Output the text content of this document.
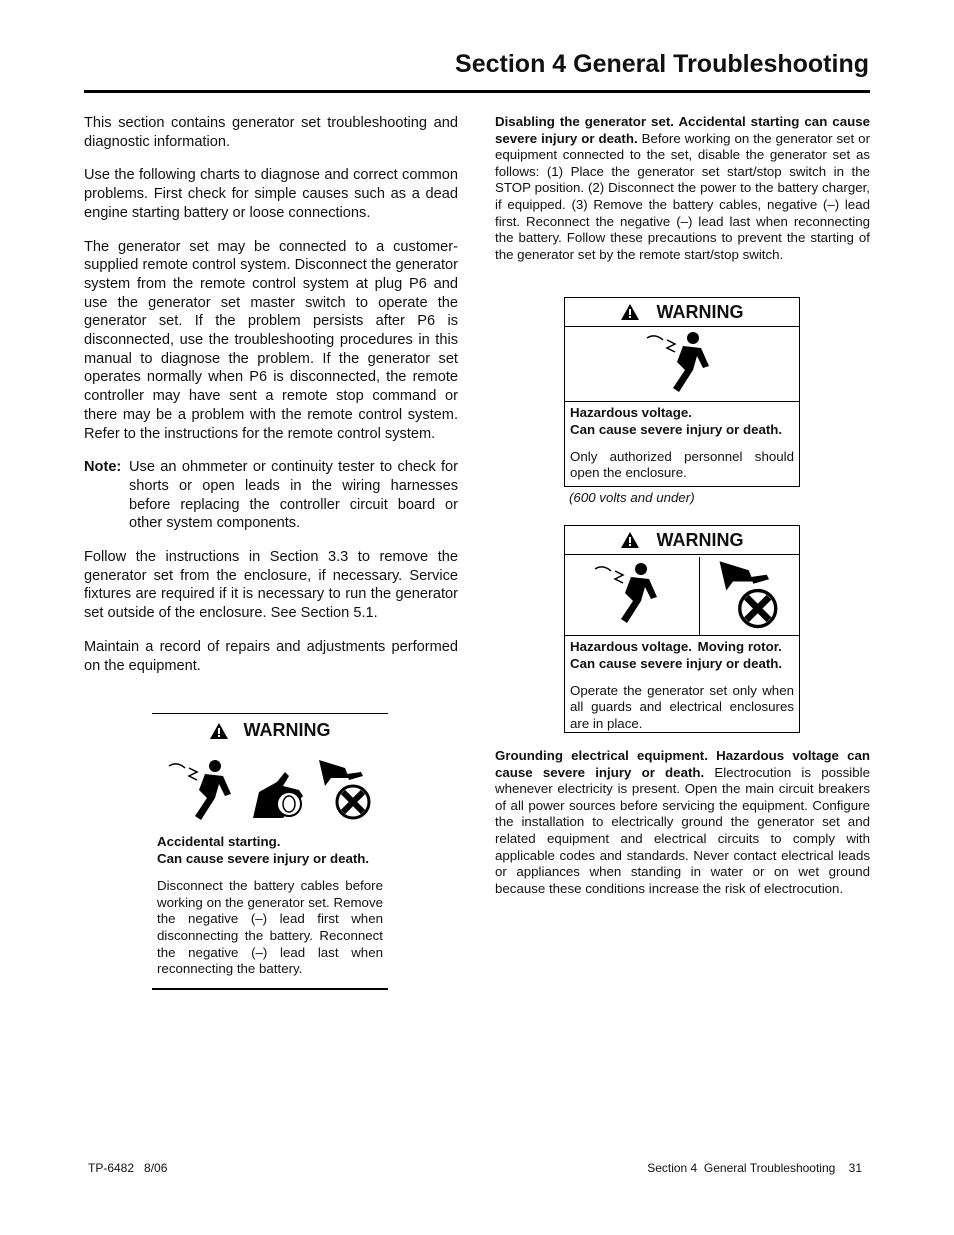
Section 4 General Troubleshooting

This section contains generator set troubleshooting and diagnostic information.

Use the following charts to diagnose and correct common problems. First check for simple causes such as a dead engine starting battery or loose connections.

The generator set may be connected to a customer-supplied remote control system. Disconnect the generator system from the remote control system at plug P6 and use the generator set master switch to operate the generator set. If the problem persists after P6 is disconnected, use the troubleshooting procedures in this manual to diagnose the problem. If the generator set operates normally when P6 is disconnected, the remote controller may have sent a remote stop command or there may be a problem with the remote control system. Refer to the instructions for the remote control system.

Note: Use an ohmmeter or continuity tester to check for shorts or open leads in the wiring harnesses before replacing the controller circuit board or other system components.

Follow the instructions in Section 3.3 to remove the generator set from the enclosure, if necessary. Service fixtures are required if it is necessary to run the generator set outside of the enclosure. See Section 5.1.

Maintain a record of repairs and adjustments performed on the equipment.

WARNING
Accidental starting.
Can cause severe injury or death.
Disconnect the battery cables before working on the generator set. Remove the negative (–) lead first when disconnecting the battery. Reconnect the negative (–) lead last when reconnecting the battery.

Disabling the generator set. Accidental starting can cause severe injury or death. Before working on the generator set or equipment connected to the set, disable the generator set as follows: (1) Place the generator set start/stop switch in the STOP position. (2) Disconnect the power to the battery charger, if equipped. (3) Remove the battery cables, negative (–) lead first. Reconnect the negative (–) lead last when reconnecting the battery. Follow these precautions to prevent the starting of the generator set by the remote start/stop switch.

WARNING
Hazardous voltage.
Can cause severe injury or death.
Only authorized personnel should open the enclosure.
(600 volts and under)
WARNING
Hazardous voltage. Moving rotor.
Can cause severe injury or death.
Operate the generator set only when all guards and electrical enclosures are in place.

Grounding electrical equipment. Hazardous voltage can cause severe injury or death. Electrocution is possible whenever electricity is present. Open the main circuit breakers of all power sources before servicing the equipment. Configure the installation to electrically ground the generator set and related equipment and electrical circuits to comply with applicable codes and standards. Never contact electrical leads or appliances when standing in water or on wet ground because these conditions increase the risk of electrocution.

TP-6482   8/06	Section 4  General Troubleshooting    31
